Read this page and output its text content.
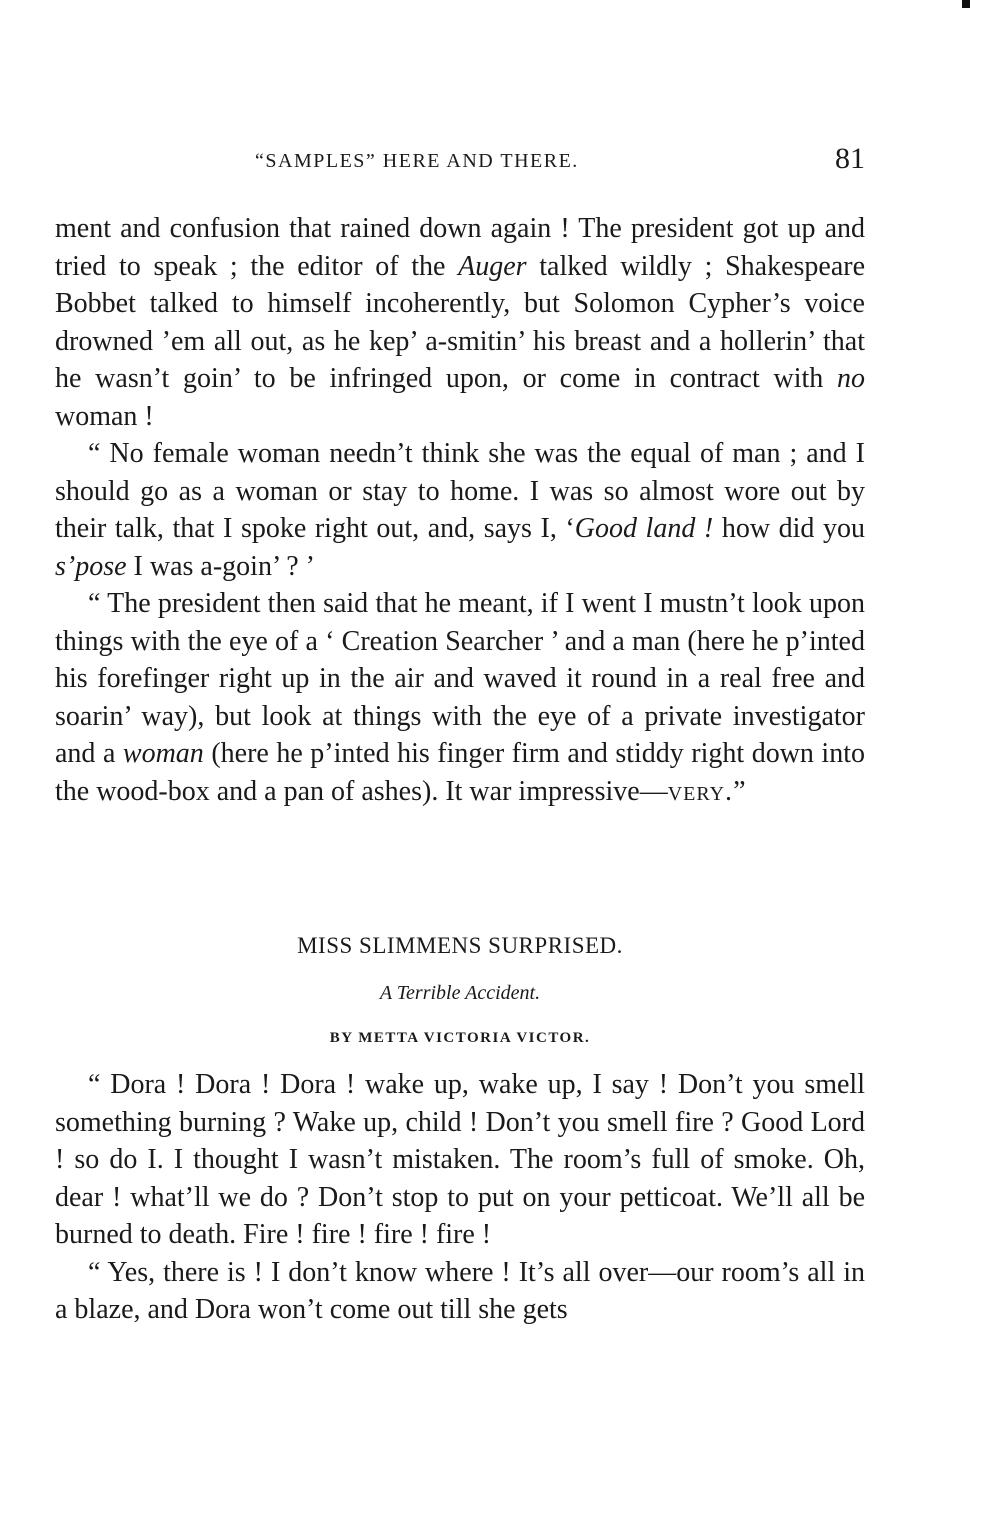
“SAMPLES” HERE AND THERE.	81

ment and confusion that rained down again ! The president got up and tried to speak ; the editor of the Auger talked wildly ; Shakespeare Bobbet talked to himself incoherently, but Solomon Cypher’s voice drowned ’em all out, as he kep’ a-smitin’ his breast and a hollerin’ that he wasn’t goin’ to be infringed upon, or come in contract with no woman !

“ No female woman needn’t think she was the equal of man ; and I should go as a woman or stay to home. I was so almost wore out by their talk, that I spoke right out, and, says I, ‘Good land ! how did you s’pose I was a-goin’ ? ’

“ The president then said that he meant, if I went I mustn’t look upon things with the eye of a ‘ Creation Searcher ’ and a man (here he p’inted his forefinger right up in the air and waved it round in a real free and soarin’ way), but look at things with the eye of a private investigator and a woman (here he p’inted his finger firm and stiddy right down into the wood-box and a pan of ashes). It war impressive—very.”

MISS SLIMMENS SURPRISED.
A Terrible Accident.
BY METTA VICTORIA VICTOR.

“ Dora ! Dora ! Dora ! wake up, wake up, I say ! Don’t you smell something burning ? Wake up, child ! Don’t you smell fire ? Good Lord ! so do I. I thought I wasn’t mistaken. The room’s full of smoke. Oh, dear ! what’ll we do ? Don’t stop to put on your petticoat. We’ll all be burned to death. Fire ! fire ! fire ! fire !

“ Yes, there is ! I don’t know where ! It’s all over—our room’s all in a blaze, and Dora won’t come out till she gets
